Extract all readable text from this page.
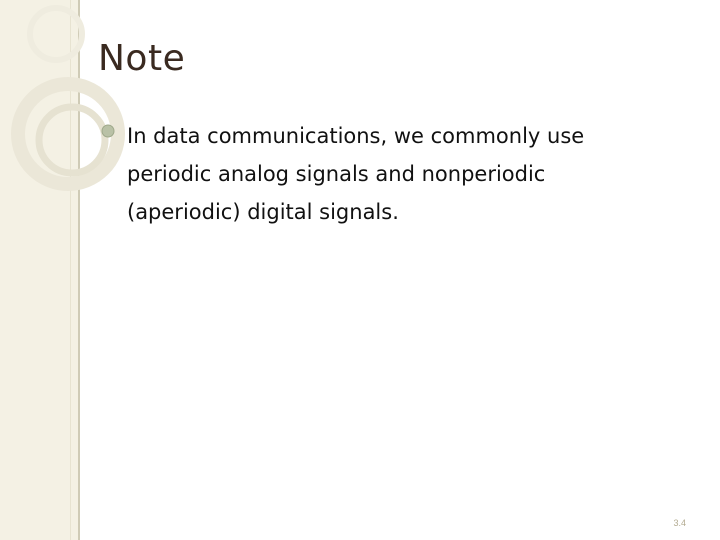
Note
In data communications, we commonly use periodic analog signals and nonperiodic (aperiodic) digital signals.
3.4
